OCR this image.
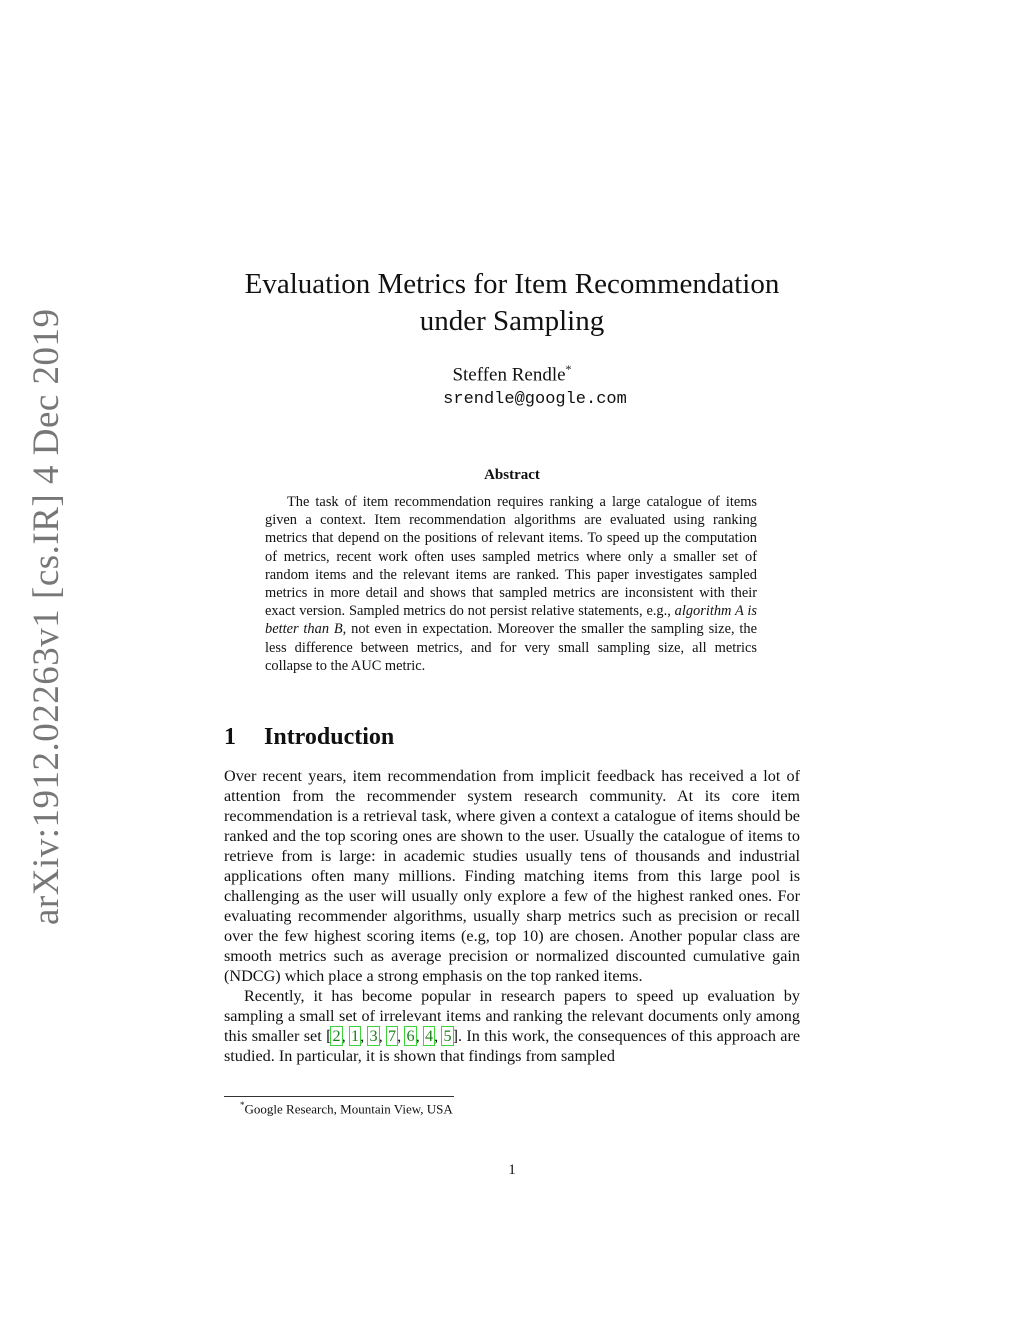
arXiv:1912.02263v1 [cs.IR] 4 Dec 2019
Evaluation Metrics for Item Recommendation
under Sampling
Steffen Rendle*
srendle@google.com
Abstract
The task of item recommendation requires ranking a large catalogue of items given a context. Item recommendation algorithms are evaluated using ranking metrics that depend on the positions of relevant items. To speed up the computation of metrics, recent work often uses sampled metrics where only a smaller set of random items and the relevant items are ranked. This paper investigates sampled metrics in more detail and shows that sampled metrics are inconsistent with their exact version. Sampled metrics do not persist relative statements, e.g., algorithm A is better than B, not even in expectation. Moreover the smaller the sampling size, the less difference between metrics, and for very small sampling size, all metrics collapse to the AUC metric.
1 Introduction

Over recent years, item recommendation from implicit feedback has received a lot of attention from the recommender system research community. At its core item recommendation is a retrieval task, where given a context a catalogue of items should be ranked and the top scoring ones are shown to the user. Usually the catalogue of items to retrieve from is large: in academic studies usually tens of thousands and industrial applications often many millions. Finding matching items from this large pool is challenging as the user will usually only explore a few of the highest ranked ones. For evaluating recommender algorithms, usually sharp metrics such as precision or recall over the few highest scoring items (e.g, top 10) are chosen. Another popular class are smooth metrics such as average precision or normalized discounted cumulative gain (NDCG) which place a strong emphasis on the top ranked items.

Recently, it has become popular in research papers to speed up evaluation by sampling a small set of irrelevant items and ranking the relevant documents only among this smaller set [2, 1, 3, 7, 6, 4, 5]. In this work, the consequences of this approach are studied. In particular, it is shown that findings from sampled

*Google Research, Mountain View, USA
1
